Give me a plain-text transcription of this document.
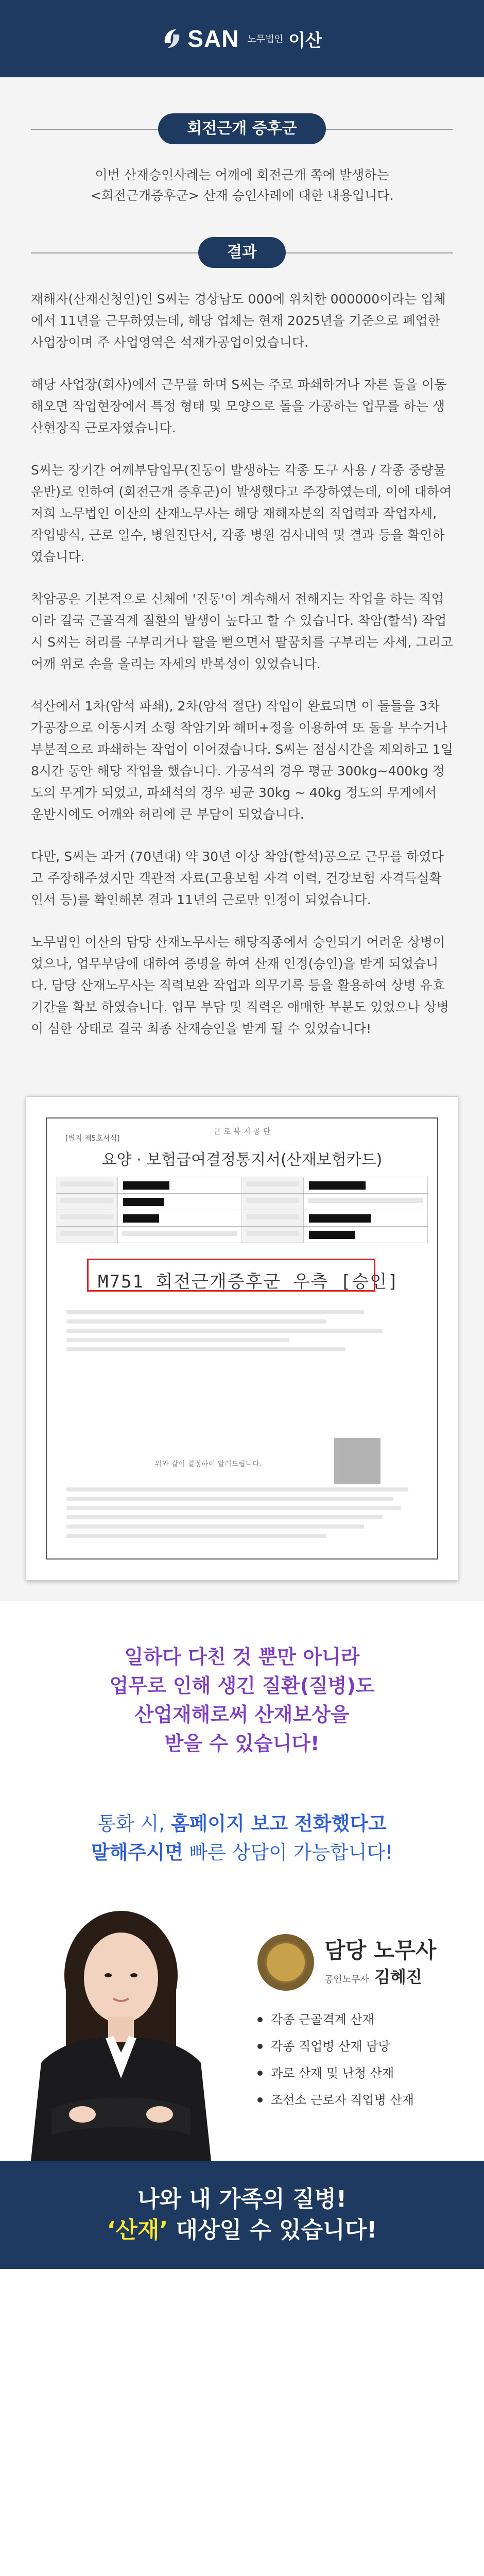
SAN 노무법인 이산
회전근개 증후군

이번 산재승인사례는 어깨에 회전근개 쪽에 발생하는
<회전근개증후군> 산재 승인사례에 대한 내용입니다.

결과

재해자(산재신청인)인 S씨는 경상남도 000에 위치한 000000이라는 업체에서 11년을 근무하였는데, 해당 업체는 현재 2025년을 기준으로 폐업한 사업장이며 주 사업영역은 석재가공업이었습니다.

해당 사업장(회사)에서 근무를 하며 S씨는 주로 파쇄하거나 자른 돌을 이동해오면 작업현장에서 특정 형태 및 모양으로 돌을 가공하는 업무를 하는 생산현장직 근로자였습니다.

S씨는 장기간 어깨부담업무(진동이 발생하는 각종 도구 사용 / 각종 중량물 운반)로 인하여 (회전근개 증후군)이 발생했다고 주장하였는데, 이에 대하여 저희 노무법인 이산의 산재노무사는 해당 재해자분의 직업력과 작업자세, 작업방식, 근로 일수, 병원진단서, 각종 병원 검사내역 및 결과 등을 확인하였습니다.

착암공은 기본적으로 신체에 '진동'이 계속해서 전해지는 작업을 하는 직업이라 결국 근골격계 질환의 발생이 높다고 할 수 있습니다. 착암(할석) 작업 시 S씨는 허리를 구부리거나 팔을 뻗으면서 팔꿈치를 구부리는 자세, 그리고 어깨 위로 손을 올리는 자세의 반복성이 있었습니다.

석산에서 1차(암석 파쇄), 2차(암석 절단) 작업이 완료되면 이 돌들을 3차 가공장으로 이동시켜 소형 착암기와 해머+정을 이용하여 또 돌을 부수거나 부분적으로 파쇄하는 작업이 이어졌습니다. S씨는 점심시간을 제외하고 1일 8시간 동안 해당 작업을 했습니다. 가공석의 경우 평균 300kg~400kg 정도의 무게가 되었고, 파쇄석의 경우 평균 30kg ~ 40kg 정도의 무게에서 운반시에도 어깨와 허리에 큰 부담이 되었습니다.

다만, S씨는 과거 (70년대) 약 30년 이상 착암(할석)공으로 근무를 하였다고 주장해주셨지만 객관적 자료(고용보험 자격 이력, 건강보험 자격득실확인서 등)를 확인해본 결과 11년의 근로만 인정이 되었습니다.

노무법인 이산의 담당 산재노무사는 해당직종에서 승인되기 어려운 상병이었으나, 업무부담에 대하여 증명을 하여 산재 인정(승인)을 받게 되었습니다. 담당 산재노무사는 직력보완 작업과 의무기록 등을 활용하여 상병 유효기간을 확보 하였습니다. 업무 부담 및 직력은 애매한 부분도 있었으나 상병이 심한 상태로 결국 최종 산재승인을 받게 될 수 있었습니다!

[별지 제5호서식]
근 로 복 지 공 단
요양 · 보험급여결정통지서(산재보험카드)
M751 회전근개증후군 우측 [승인]
위와 같이 결정하여 알려드립니다.

일하다 다친 것 뿐만 아니라

업무로 인해 생긴 질환(질병)도

산업재해로써 산재보상을

받을 수 있습니다!

통화 시, 홈페이지 보고 전화했다고

말해주시면 빠른 상담이 가능합니다!

담당 노무사
공인노무사 김혜진
각종 근골격계 산재
각종 직업병 산재 담당
과로 산재 및 난청 산재
조선소 근로자 직업병 산재

나와 내 가족의 질병!

‘산재’ 대상일 수 있습니다!
